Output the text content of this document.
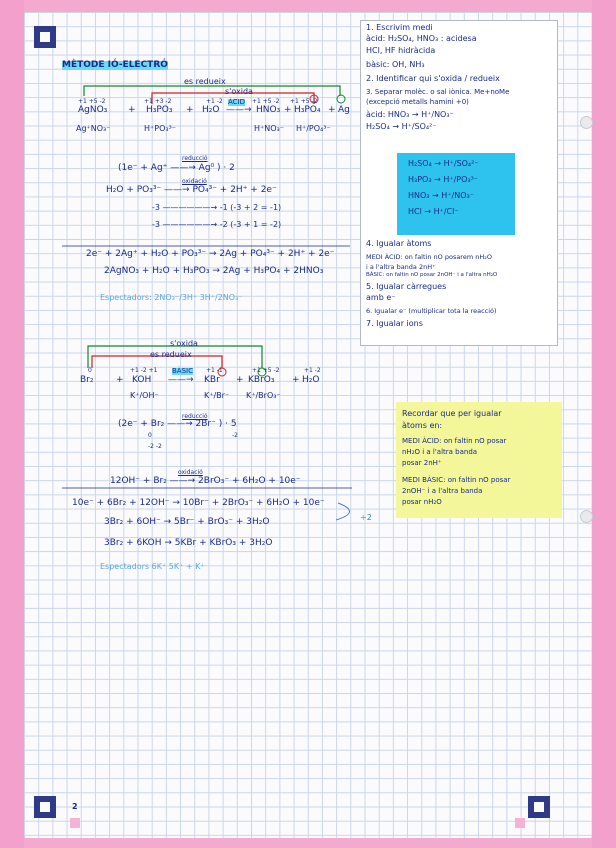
2
MÈTODE IÓ-ELECTRÓ
es redueix
s'oxida
+1 +5 -2	+1 +3 -2	+1 -2	+1 +5 -2 +1 +5 -2
AgNO₃ + H₃PO₃ + H₂O
ÀCID
——→ HNO₃ + H₃PO₄ + Ag
Ag⁺NO₃⁻	H⁺PO₃³⁻	H⁺NO₃⁻ H⁺/PO₄³⁻
reducció
(1e⁻ + Ag⁺ ——→ Ag⁰ ) · 2
oxidació
H₂O + PO₃³⁻ ——→ PO₄³⁻ + 2H⁺ + 2e⁻
-3 ——————→ -1 (-3 + 2 = -1)
-3 ——————→ -2 (-3 + 1 = -2)
2e⁻ + 2Ag⁺ + H₂O + PO₃³⁻ → 2Ag + PO₄³⁻ + 2H⁺ + 2e⁻
2AgNO₃ + H₂O + H₃PO₃ → 2Ag + H₃PO₄ + 2HNO₃
Espectadors: 2NO₃⁻/3H⁺ 3H⁺/2NO₃⁻
s'oxida
es redueix
0	+1 -2 +1	+1 -1	+1 +5 -2	+1 -2
Br₂	+ KOH
BÀSIC
——→ KBr + KBrO₃ + H₂O
K⁺/OH⁻	K⁺/Br⁻ K⁺/BrO₃⁻
reducció
(2e⁻ + Br₂ ——→ 2Br⁻ ) · 5
0	-2
-2 -2
oxidació
12OH⁻ + Br₂ ——→ 2BrO₃⁻ + 6H₂O + 10e⁻
10e⁻ + 6Br₂ + 12OH⁻ → 10Br⁻ + 2BrO₃⁻ + 6H₂O + 10e⁻
÷2
3Br₂ + 6OH⁻ → 5Br⁻ + BrO₃⁻ + 3H₂O
3Br₂ + 6KOH → 5KBr + KBrO₃ + 3H₂O
Espectadors 6K⁺ 5K⁺ + K⁺
1. Escrivim medi
àcid: H₂SO₄, HNO₃ : acidesa
HCl, HF hidràcida
bàsic: OH, NH₃
2. Identificar qui s'oxida / redueix
3. Separar molèc. o sal iònica. Me+noMe
(excepció metalls hamini +0)
àcid: HNO₃ → H⁺/NO₃⁻
H₂SO₄ → H⁺/SO₄²⁻
H₂SO₄ → H⁺/SO₄²⁻
H₃PO₃ → H⁺/PO₃³⁻
HNO₃ → H⁺/NO₃⁻
HCl → H⁺/Cl⁻
4. Igualar àtoms
MEDI ÀCID: on faltin nO posarem nH₂O
i a l'altra banda 2nH⁺
BÀSIC: on faltin nO posar 2nOH⁻ i a l'altra nH₂O
5. Igualar càrregues
amb e⁻
6. Igualar e⁻ (multiplicar tota la reacció)
7. Igualar ions
Recordar que per igualar
àtoms en:
MEDI ÀCID: on faltin nO posar
nH₂O i a l'altra banda
posar 2nH⁺
MEDI BÀSIC: on faltin nO posar
2nOH⁻ i a l'altra banda
posar nH₂O
